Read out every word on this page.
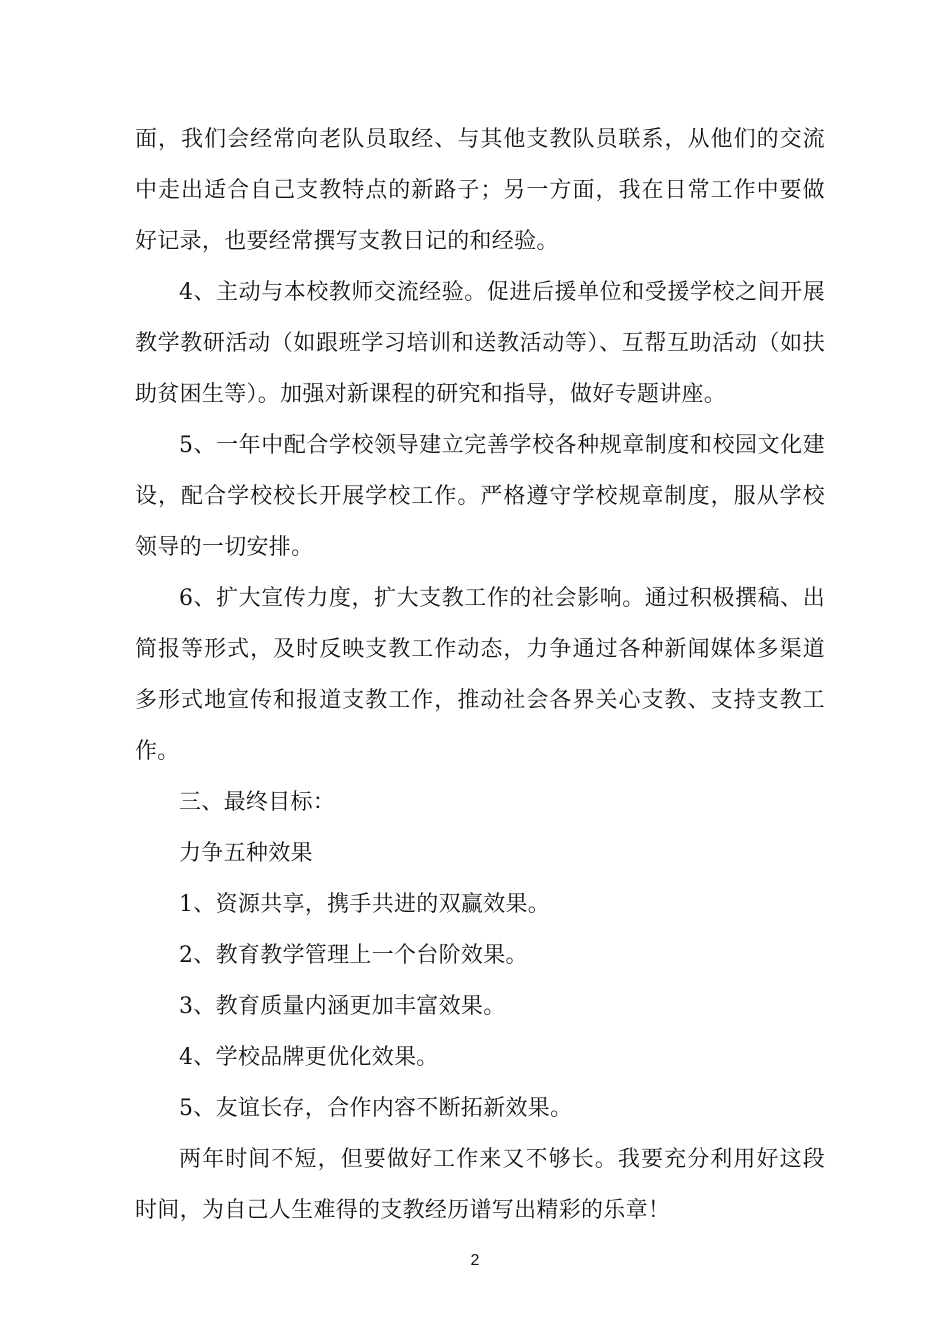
面，我们会经常向老队员取经、与其他支教队员联系，从他们的交流中走出适合自己支教特点的新路子；另一方面，我在日常工作中要做好记录，也要经常撰写支教日记的和经验。

4、主动与本校教师交流经验。促进后援单位和受援学校之间开展教学教研活动（如跟班学习培训和送教活动等）、互帮互助活动（如扶助贫困生等）。加强对新课程的研究和指导，做好专题讲座。

5、一年中配合学校领导建立完善学校各种规章制度和校园文化建设，配合学校校长开展学校工作。严格遵守学校规章制度，服从学校领导的一切安排。

6、扩大宣传力度，扩大支教工作的社会影响。通过积极撰稿、出简报等形式，及时反映支教工作动态，力争通过各种新闻媒体多渠道多形式地宣传和报道支教工作，推动社会各界关心支教、支持支教工作。

三、最终目标：

力争五种效果

1、资源共享，携手共进的双赢效果。

2、教育教学管理上一个台阶效果。

3、教育质量内涵更加丰富效果。

4、学校品牌更优化效果。

5、友谊长存，合作内容不断拓新效果。

两年时间不短，但要做好工作来又不够长。我要充分利用好这段时间，为自己人生难得的支教经历谱写出精彩的乐章！

2
